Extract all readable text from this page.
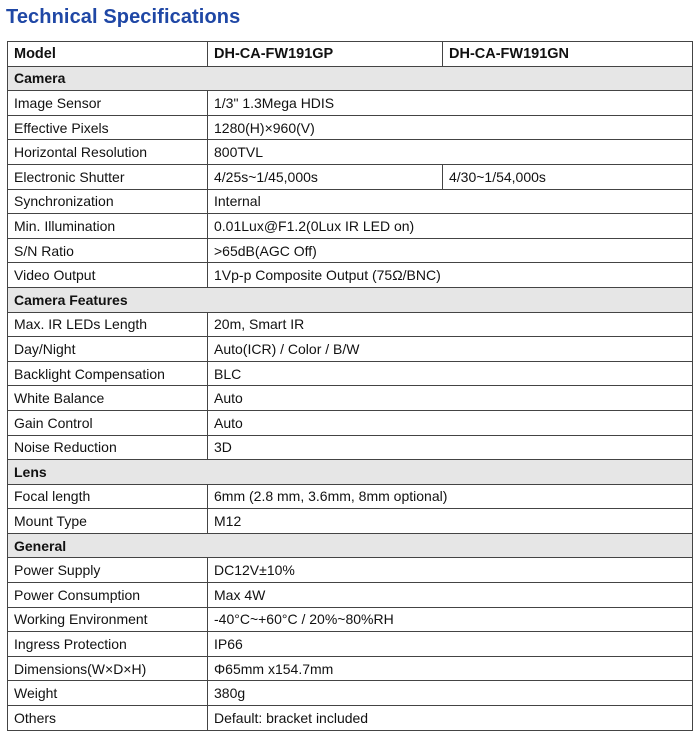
Technical Specifications
Model	DH-CA-FW191GP	DH-CA-FW191GN
Camera		
Image Sensor	1/3" 1.3Mega HDIS	
Effective Pixels	1280(H)×960(V)	
Horizontal Resolution	800TVL	
Electronic Shutter	4/25s~1/45,000s	4/30~1/54,000s
Synchronization	Internal	
Min. Illumination	0.01Lux@F1.2(0Lux IR LED on)	
S/N Ratio	>65dB(AGC Off)	
Video Output	1Vp-p Composite Output (75Ω/BNC)	
Camera Features		
Max. IR LEDs Length	20m, Smart IR	
Day/Night	Auto(ICR) / Color / B/W	
Backlight Compensation	BLC	
White Balance	Auto	
Gain Control	Auto	
Noise Reduction	3D	
Lens		
Focal length	6mm (2.8 mm, 3.6mm, 8mm optional)	
Mount Type	M12	
General		
Power Supply	DC12V±10%	
Power Consumption	Max 4W	
Working Environment	-40°C~+60°C / 20%~80%RH	
Ingress Protection	IP66	
Dimensions(W×D×H)	Φ65mm x154.7mm	
Weight	380g	
Others	Default: bracket included	
